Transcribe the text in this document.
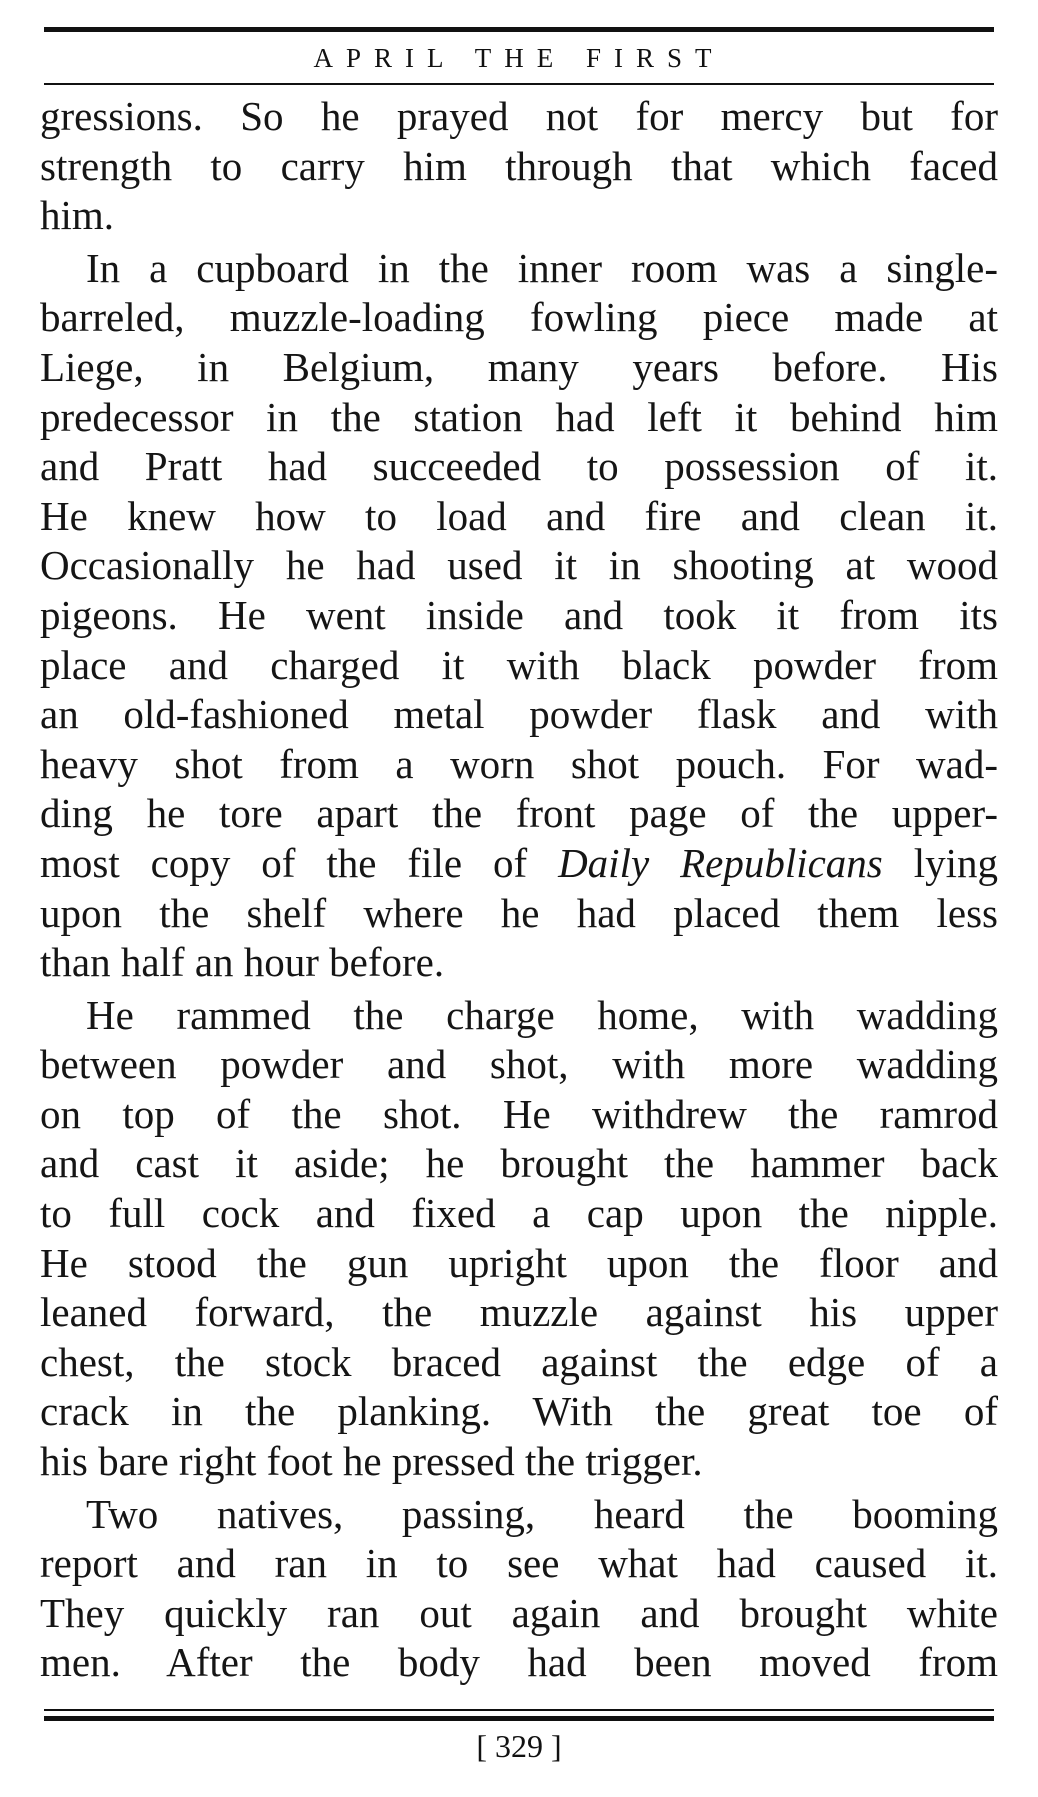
APRIL THE FIRST
gressions. So he prayed not for mercy but for
strength to carry him through that which faced
him.
In a cupboard in the inner room was a single-
barreled, muzzle-loading fowling piece made at
Liege, in Belgium, many years before. His
predecessor in the station had left it behind him
and Pratt had succeeded to possession of it.
He knew how to load and fire and clean it.
Occasionally he had used it in shooting at wood
pigeons. He went inside and took it from its
place and charged it with black powder from
an old-fashioned metal powder flask and with
heavy shot from a worn shot pouch. For wad-
ding he tore apart the front page of the upper-
most copy of the file of Daily Republicans lying
upon the shelf where he had placed them less
than half an hour before.
He rammed the charge home, with wadding
between powder and shot, with more wadding
on top of the shot. He withdrew the ramrod
and cast it aside; he brought the hammer back
to full cock and fixed a cap upon the nipple.
He stood the gun upright upon the floor and
leaned forward, the muzzle against his upper
chest, the stock braced against the edge of a
crack in the planking. With the great toe of
his bare right foot he pressed the trigger.
Two natives, passing, heard the booming
report and ran in to see what had caused it.
They quickly ran out again and brought white
men. After the body had been moved from
[ 329 ]
